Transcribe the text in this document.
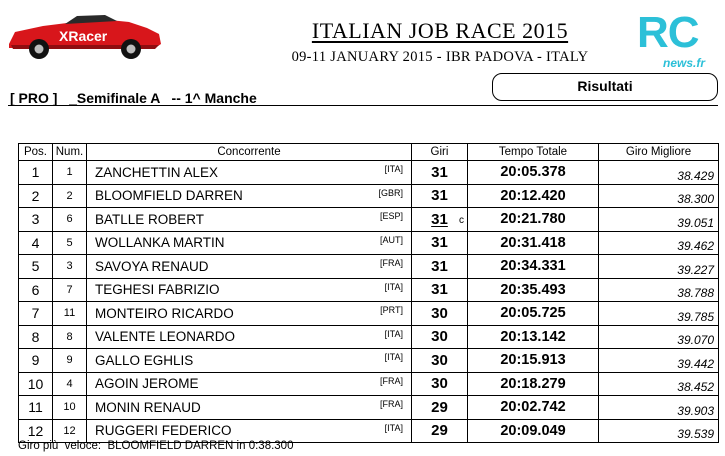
XRacer	ITALIAN JOB RACE 2015
09-11 JANUARY 2015 - IBR PADOVA - ITALY	RC
news.fr
[ PRO ]   _Semifinale A   -- 1^ Manche
Risultati
Pos.	Num.	Concorrente	Giri	Tempo Totale	Giro Migliore
1	1	ZANCHETTIN ALEX [ITA]	31	20:05.378	38.429
2	2	BLOOMFIELD DARREN [GBR]	31	20:12.420	38.300
3	6	BATLLE ROBERT [ESP]	31 c	20:21.780	39.051
4	5	WOLLANKA MARTIN [AUT]	31	20:31.418	39.462
5	3	SAVOYA RENAUD [FRA]	31	20:34.331	39.227
6	7	TEGHESI FABRIZIO [ITA]	31	20:35.493	38.788
7	11	MONTEIRO RICARDO [PRT]	30	20:05.725	39.785
8	8	VALENTE LEONARDO [ITA]	30	20:13.142	39.070
9	9	GALLO EGHLIS [ITA]	30	20:15.913	39.442
10	4	AGOIN JEROME [FRA]	30	20:18.279	38.452
11	10	MONIN RENAUD [FRA]	29	20:02.742	39.903
12	12	RUGGERI FEDERICO [ITA]	29	20:09.049	39.539
Giro più  veloce:  BLOOMFIELD DARREN in 0:38.300
